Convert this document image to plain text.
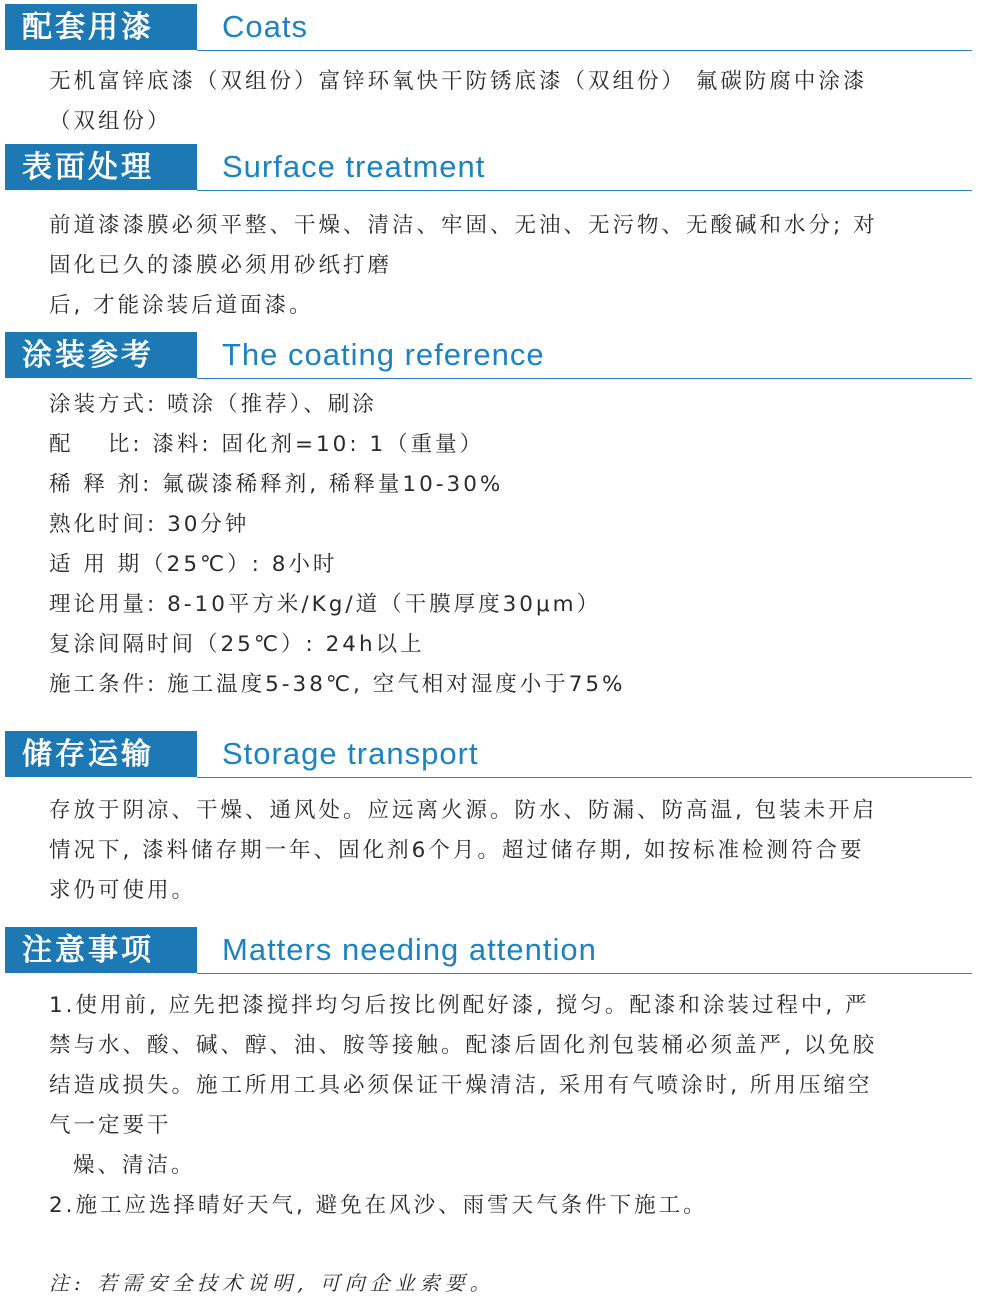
配套用漆 Coats
无机富锌底漆（双组份）富锌环氧快干防锈底漆（双组份） 氟碳防腐中涂漆
（双组份）
表面处理 Surface treatment
前道漆漆膜必须平整、干燥、清洁、牢固、无油、无污物、无酸碱和水分; 对
固化已久的漆膜必须用砂纸打磨
后, 才能涂装后道面漆。
涂装参考 The coating reference
涂装方式: 喷涂（推荐）、刷涂
配　 比: 漆料: 固化剂=10: 1（重量）
稀 释 剂: 氟碳漆稀释剂, 稀释量10-30%
熟化时间: 30分钟
适 用 期（25℃）: 8小时
理论用量: 8-10平方米/Kg/道（干膜厚度30μm）
复涂间隔时间（25℃）: 24h以上
施工条件: 施工温度5-38℃, 空气相对湿度小于75%
储存运输 Storage transport
存放于阴凉、干燥、通风处。应远离火源。防水、防漏、防高温, 包装未开启
情况下, 漆料储存期一年、固化剂6个月。超过储存期, 如按标准检测符合要
求仍可使用。
注意事项 Matters needing attention
1.使用前, 应先把漆搅拌均匀后按比例配好漆, 搅匀。配漆和涂装过程中, 严
禁与水、酸、碱、醇、油、胺等接触。配漆后固化剂包装桶必须盖严, 以免胶
结造成损失。施工所用工具必须保证干燥清洁, 采用有气喷涂时, 所用压缩空
气一定要干
燥、清洁。
2.施工应选择晴好天气, 避免在风沙、雨雪天气条件下施工。
注: 若需安全技术说明, 可向企业索要。
